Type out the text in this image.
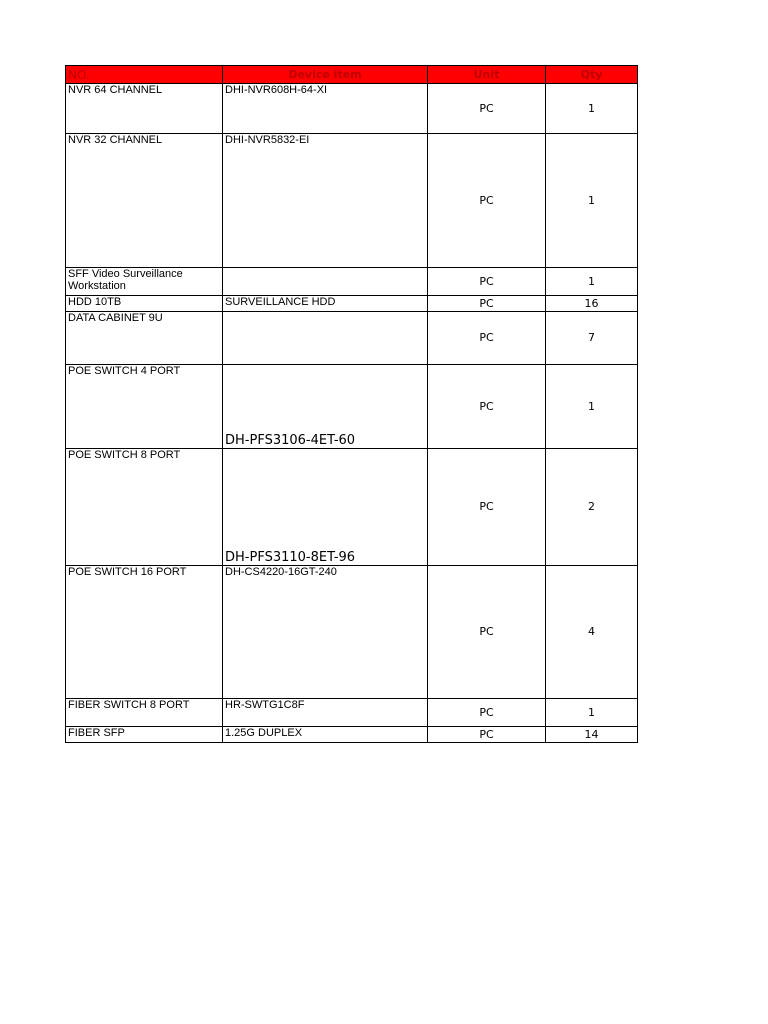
NO.	Device item	Unit	Qty
NVR 64 CHANNEL	DHI-NVR608H-64-XI	PC	1
NVR 32 CHANNEL	DHI-NVR5832-EI	PC	1
SFF Video Surveillance Workstation		PC	1
HDD 10TB	SURVEILLANCE HDD	PC	16
DATA CABINET 9U		PC	7
POE SWITCH 4 PORT	DH-PFS3106-4ET-60	PC	1
POE SWITCH 8 PORT	DH-PFS3110-8ET-96	PC	2
POE SWITCH 16 PORT	DH-CS4220-16GT-240	PC	4
FIBER SWITCH 8 PORT	HR-SWTG1C8F	PC	1
FIBER SFP	1.25G DUPLEX	PC	14
